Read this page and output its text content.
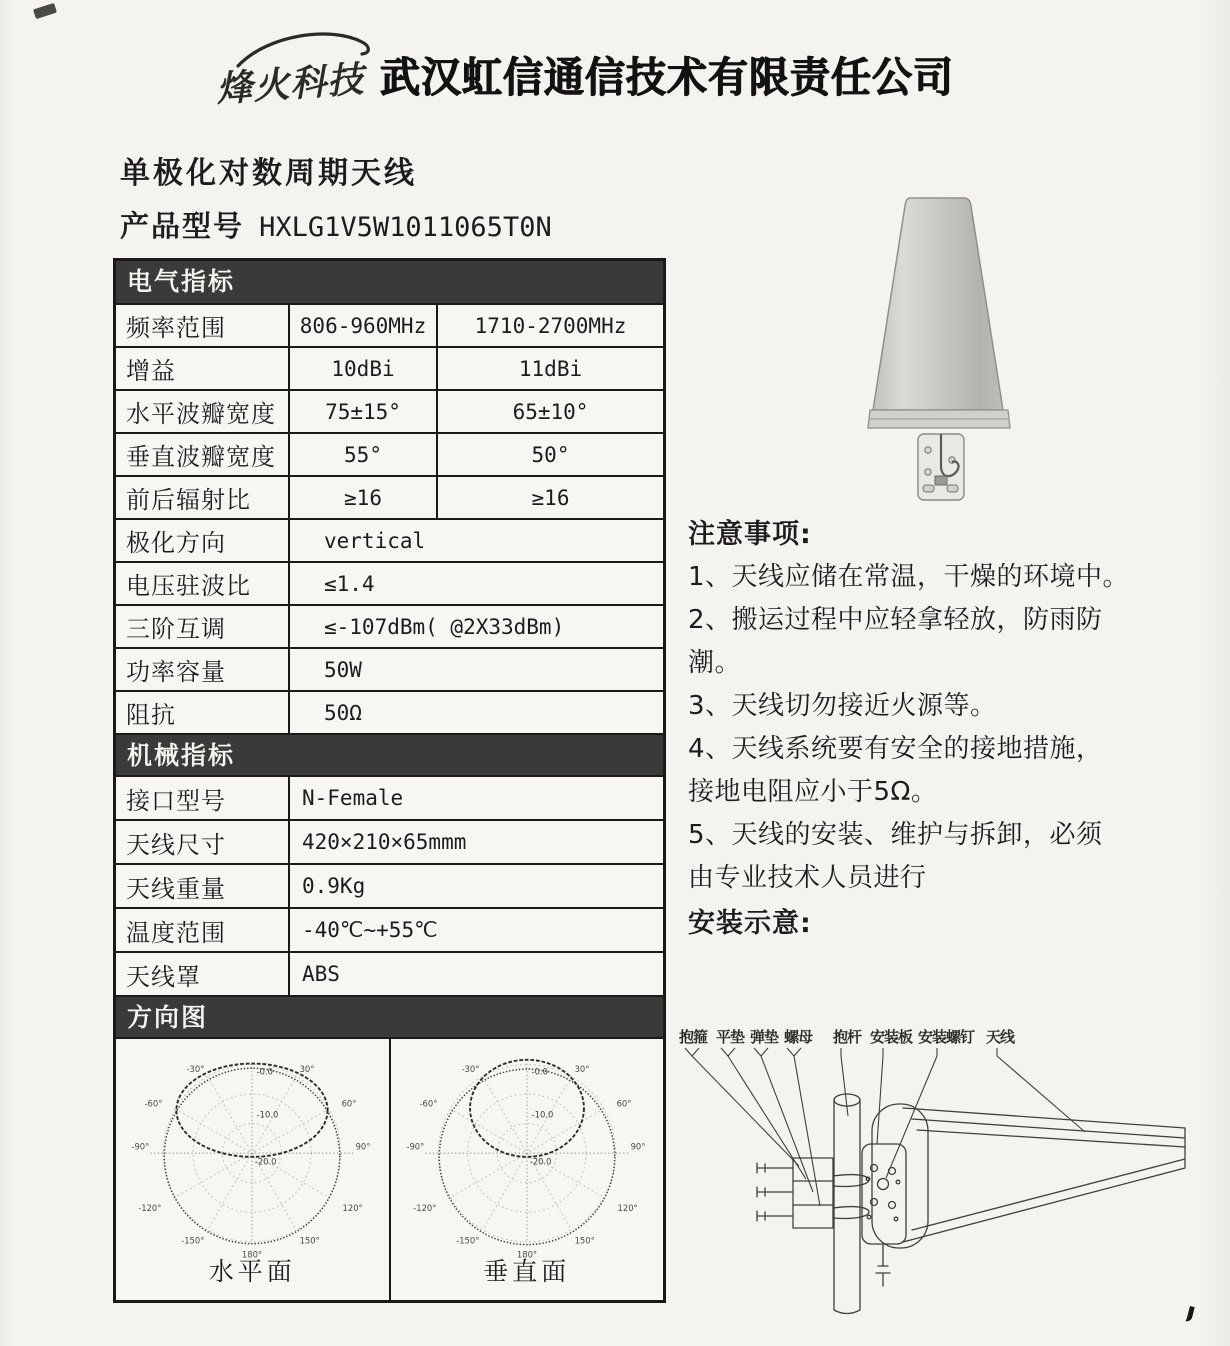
烽火科技 武汉虹信通信技术有限责任公司
单极化对数周期天线
产品型号 HXLG1V5W1011065T0N
电气指标
频率范围	806-960MHz	1710-2700MHz
增益	10dBi	11dBi
水平波瓣宽度	75±15°	65±10°
垂直波瓣宽度	55°	50°
前后辐射比	≥16	≥16
极化方向	vertical
电压驻波比	≤1.4
三阶互调	≤-107dBm( @2X33dBm)
功率容量	50W
阻抗	50Ω
机械指标
接口型号	N-Female
天线尺寸	420×210×65mmm
天线重量	0.9Kg
温度范围	-40℃~+55℃
天线罩	ABS
方向图
-30°	30°
-60°	60°
-90°	90°
-120°	120°
-150°	150°
180°
-0.0
-10.0
-20.0
水平面
-30°	30°
-60°	60°
-90°	90°
-120°	120°
-150°	150°
180°
-0.0
-10.0
-20.0
垂直面
注意事项:
1、天线应储在常温，干燥的环境中。
2、搬运过程中应轻拿轻放，防雨防
潮。
3、天线切勿接近火源等。
4、天线系统要有安全的接地措施，
接地电阻应小于5Ω。
5、天线的安装、维护与拆卸，必须
由专业技术人员进行
安装示意:
抱箍 平垫 弹垫 螺母 抱杆 安装板 安装螺钉 天线
